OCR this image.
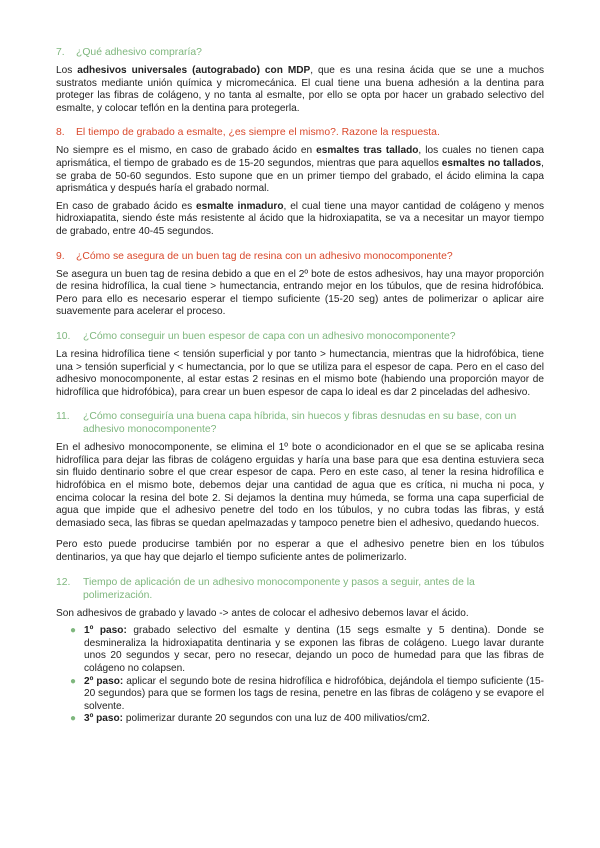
7.	¿Qué adhesivo compraría?

Los adhesivos universales (autograbado) con MDP, que es una resina ácida que se une a muchos sustratos mediante unión química y micromecánica. El cual tiene una buena adhesión a la dentina para proteger las fibras de colágeno, y no tanta al esmalte, por ello se opta por hacer un grabado selectivo del esmalte, y colocar teflón en la dentina para protegerla.

8.	El tiempo de grabado a esmalte, ¿es siempre el mismo?. Razone la respuesta.

No siempre es el mismo, en caso de grabado ácido en esmaltes tras tallado, los cuales no tienen capa aprismática, el tiempo de grabado es de 15-20 segundos, mientras que para aquellos esmaltes no tallados, se graba de 50-60 segundos. Esto supone que en un primer tiempo del grabado, el ácido elimina la capa aprismática y después haría el grabado normal.

En caso de grabado ácido es esmalte inmaduro, el cual tiene una mayor cantidad de colágeno y menos hidroxiapatita, siendo éste más resistente al ácido que la hidroxiapatita, se va a necesitar un mayor tiempo de grabado, entre 40-45 segundos.

9.	¿Cómo se asegura de un buen tag de resina con un adhesivo monocomponente?

Se asegura un buen tag de resina debido a que en el 2º bote de estos adhesivos, hay una mayor proporción de resina hidrofílica, la cual tiene > humectancia, entrando mejor en los túbulos, que de resina hidrofóbica. Pero para ello es necesario esperar el tiempo suficiente (15-20 seg) antes de polimerizar o aplicar aire suavemente para acelerar el proceso.

10.	¿Cómo conseguir un buen espesor de capa con un adhesivo monocomponente?

La resina hidrofílica tiene < tensión superficial y por tanto > humectancia, mientras que la hidrofóbica, tiene una > tensión superficial y < humectancia, por lo que se utiliza para el espesor de capa. Pero en el caso del adhesivo monocomponente, al estar estas 2 resinas en el mismo bote (habiendo una proporción mayor de hidrofílica que hidrofóbica), para crear un buen espesor de capa lo ideal es dar 2 pinceladas del adhesivo.

11.	¿Cómo conseguiría una buena capa híbrida, sin huecos y fibras desnudas en su base, con un adhesivo monocomponente?

En el adhesivo monocomponente, se elimina el 1º bote o acondicionador en el que se se aplicaba resina hidrofílica para dejar las fibras de colágeno erguidas y haría una base para que esa dentina estuviera seca sin fluido dentinario sobre el que crear espesor de capa. Pero en este caso, al tener la resina hidrofílica e hidrofóbica en el mismo bote, debemos dejar una cantidad de agua que es crítica, ni mucha ni poca, y encima colocar la resina del bote 2. Si dejamos la dentina muy húmeda, se forma una capa superficial de agua que impide que el adhesivo penetre del todo en los túbulos, y no cubra todas las fibras, y está demasiado seca, las fibras se quedan apelmazadas y tampoco penetre bien el adhesivo, quedando huecos.

Pero esto puede producirse también por no esperar a que el adhesivo penetre bien en los túbulos dentinarios, ya que hay que dejarlo el tiempo suficiente antes de polimerizarlo.

12.	Tiempo de aplicación de un adhesivo monocomponente y pasos a seguir, antes de la polimerización.

Son adhesivos de grabado y lavado -> antes de colocar el adhesivo debemos lavar el ácido.

● 1º paso: grabado selectivo del esmalte y dentina (15 segs esmalte y 5 dentina). Donde se desmineraliza la hidroxiapatita dentinaria y se exponen las fibras de colágeno. Luego lavar durante unos 20 segundos y secar, pero no resecar, dejando un poco de humedad para que las fibras de colágeno no colapsen.
● 2º paso: aplicar el segundo bote de resina hidrofílica e hidrofóbica, dejándola el tiempo suficiente (15-20 segundos) para que se formen los tags de resina, penetre en las fibras de colágeno y se evapore el solvente.
● 3º paso: polimerizar durante 20 segundos con una luz de 400 milivatios/cm2.
